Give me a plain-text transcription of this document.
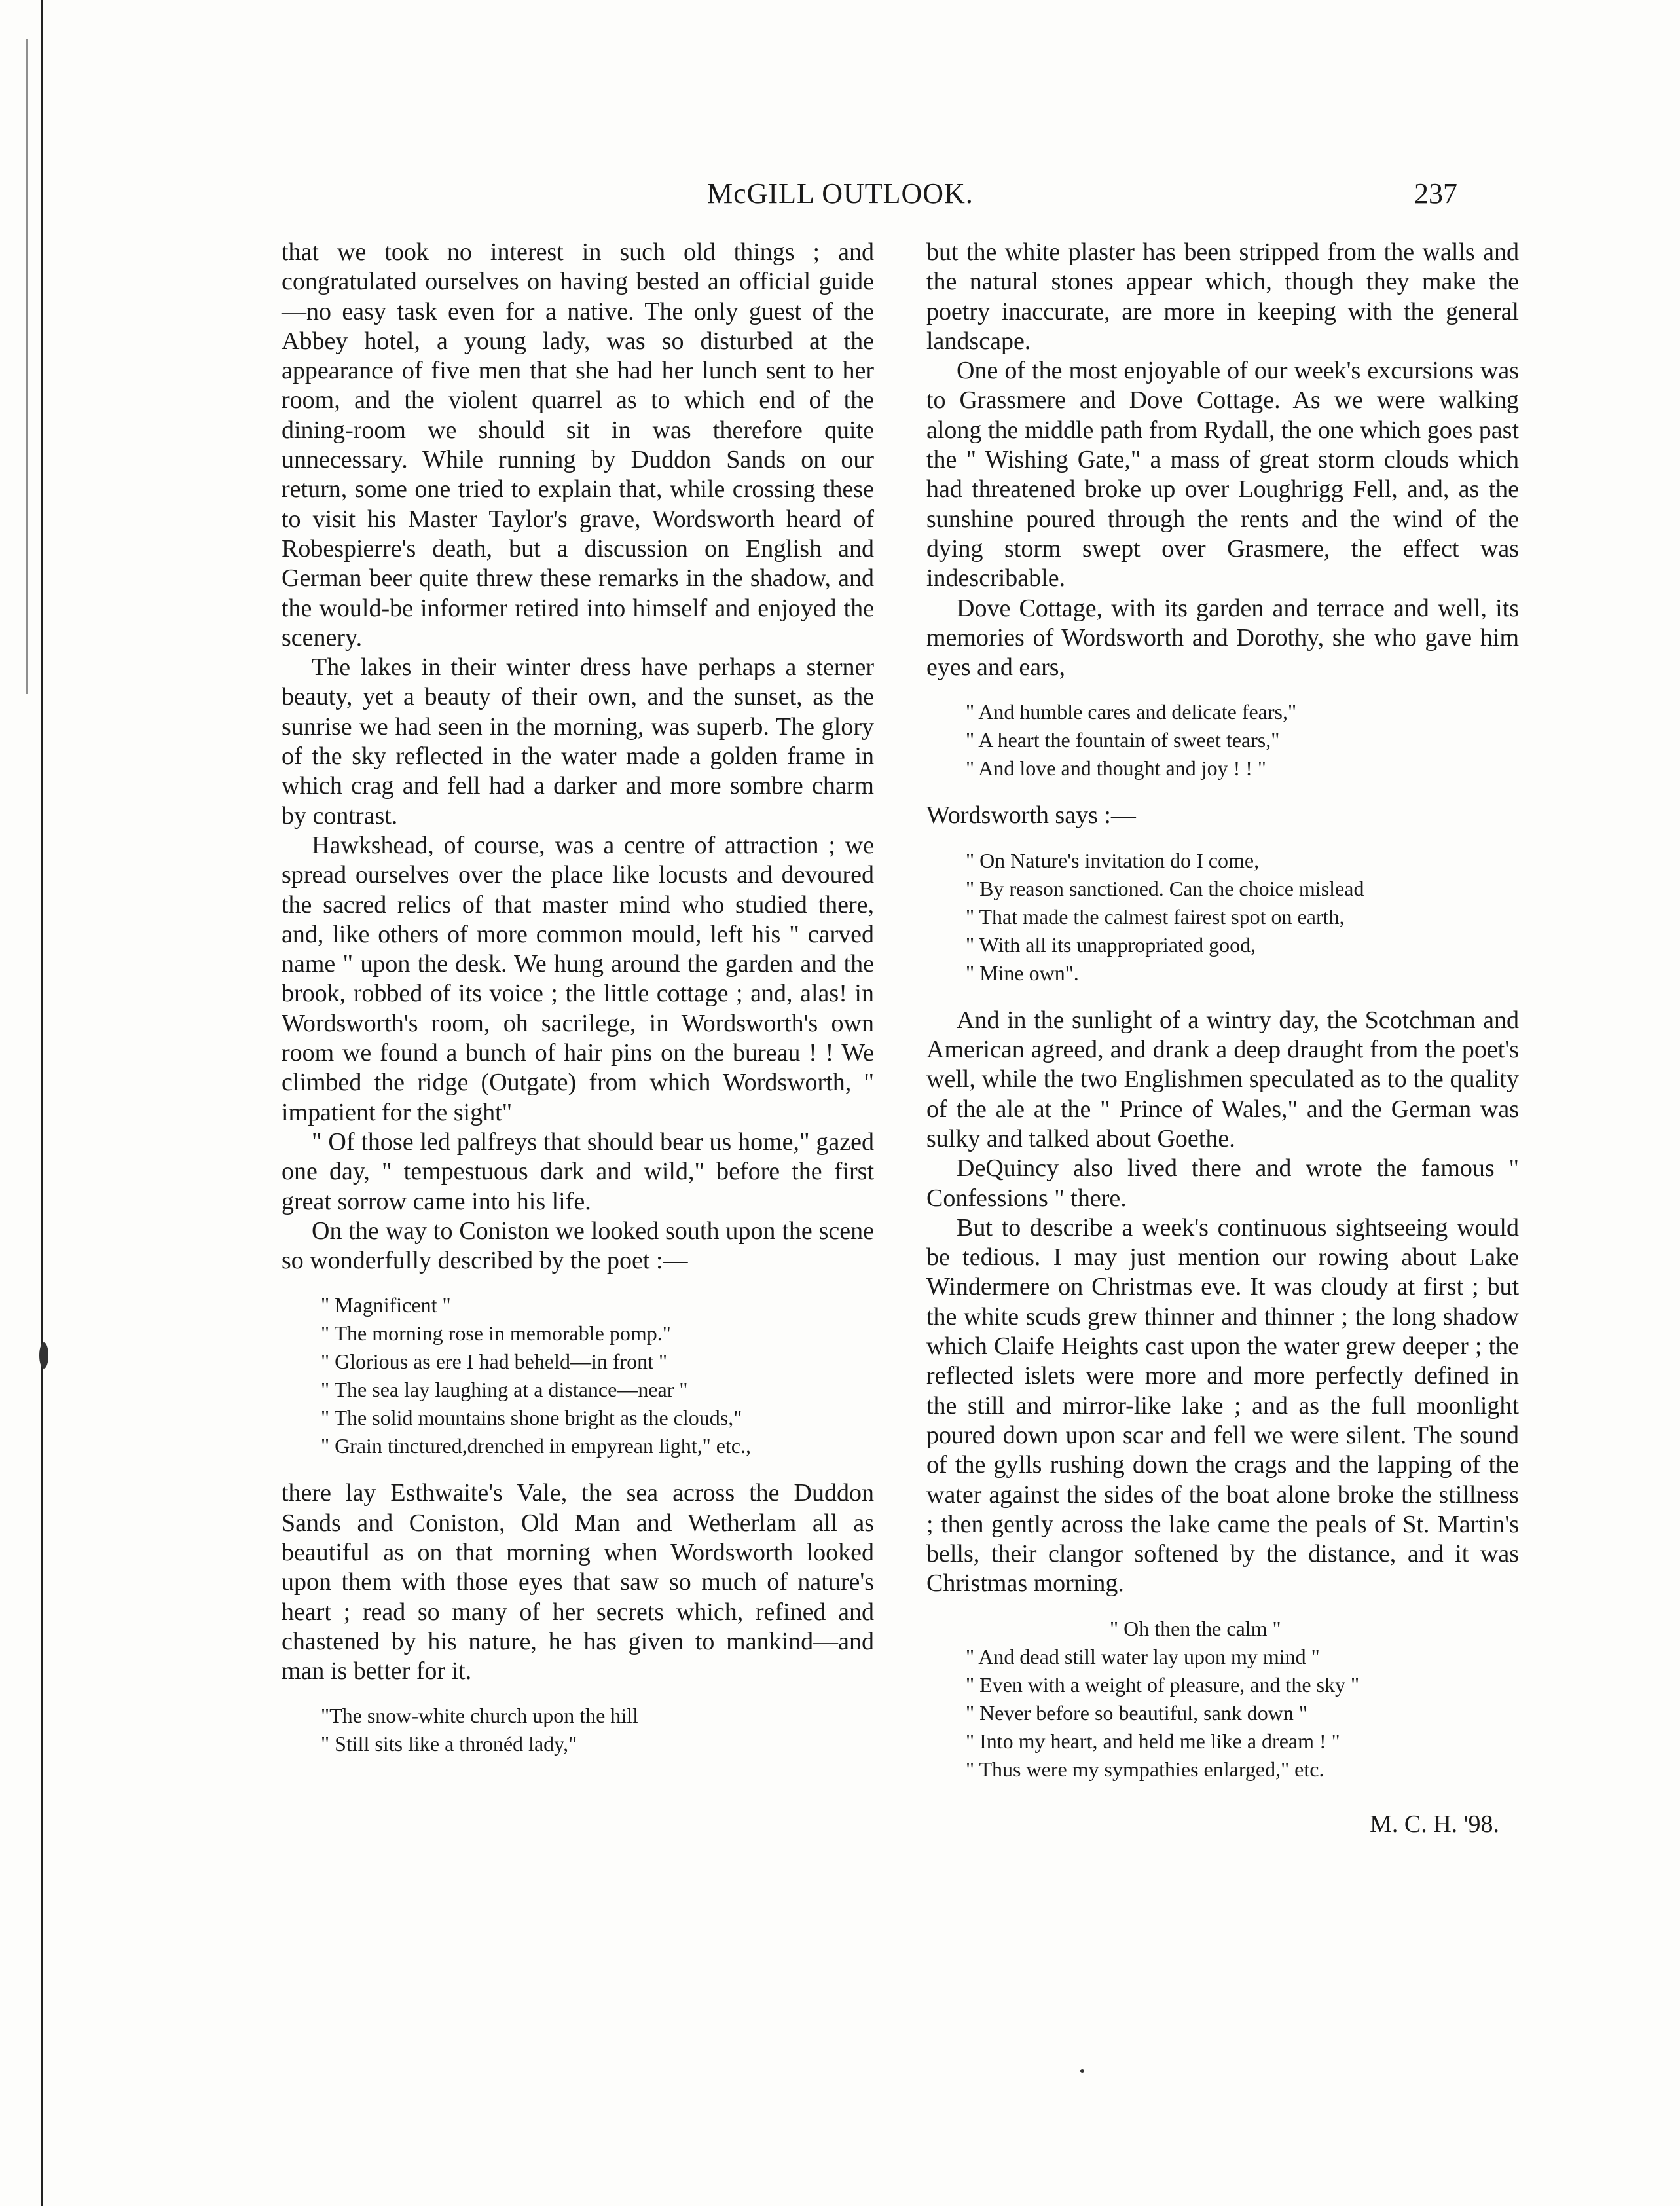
McGILL OUTLOOK.	237

that we took no interest in such old things ; and congratulated ourselves on having bested an official guide—no easy task even for a native. The only guest of the Abbey hotel, a young lady, was so disturbed at the appearance of five men that she had her lunch sent to her room, and the violent quarrel as to which end of the dining-room we should sit in was therefore quite unnecessary. While running by Duddon Sands on our return, some one tried to explain that, while crossing these to visit his Master Taylor's grave, Wordsworth heard of Robespierre's death, but a discussion on English and German beer quite threw these remarks in the shadow, and the would-be informer retired into himself and enjoyed the scenery.

The lakes in their winter dress have perhaps a sterner beauty, yet a beauty of their own, and the sunset, as the sunrise we had seen in the morning, was superb. The glory of the sky reflected in the water made a golden frame in which crag and fell had a darker and more sombre charm by contrast.

Hawkshead, of course, was a centre of attraction ; we spread ourselves over the place like locusts and devoured the sacred relics of that master mind who studied there, and, like others of more common mould, left his " carved name " upon the desk. We hung around the garden and the brook, robbed of its voice ; the little cottage ; and, alas! in Wordsworth's room, oh sacrilege, in Wordsworth's own room we found a bunch of hair pins on the bureau ! ! We climbed the ridge (Outgate) from which Wordsworth, " impatient for the sight"

" Of those led palfreys that should bear us home," gazed one day, " tempestuous dark and wild," before the first great sorrow came into his life.

On the way to Coniston we looked south upon the scene so wonderfully described by the poet :—

" Magnificent "
" The morning rose in memorable pomp."
" Glorious as ere I had beheld—in front "
" The sea lay laughing at a distance—near "
" The solid mountains shone bright as the clouds,"
" Grain tinctured,drenched in empyrean light," etc.,

there lay Esthwaite's Vale, the sea across the Duddon Sands and Coniston, Old Man and Wetherlam all as beautiful as on that morning when Wordsworth looked upon them with those eyes that saw so much of nature's heart ; read so many of her secrets which, refined and chastened by his nature, he has given to mankind—and man is better for it.

"The snow-white church upon the hill
" Still sits like a thronéd lady,"

but the white plaster has been stripped from the walls and the natural stones appear which, though they make the poetry inaccurate, are more in keeping with the general landscape.

One of the most enjoyable of our week's excursions was to Grassmere and Dove Cottage. As we were walking along the middle path from Rydall, the one which goes past the " Wishing Gate," a mass of great storm clouds which had threatened broke up over Loughrigg Fell, and, as the sunshine poured through the rents and the wind of the dying storm swept over Grasmere, the effect was indescribable.

Dove Cottage, with its garden and terrace and well, its memories of Wordsworth and Dorothy, she who gave him eyes and ears,

" And humble cares and delicate fears,"
" A heart the fountain of sweet tears,"
" And love and thought and joy ! ! "

Wordsworth says :—

" On Nature's invitation do I come,
" By reason sanctioned. Can the choice mislead
" That made the calmest fairest spot on earth,
" With all its unappropriated good,
" Mine own".

And in the sunlight of a wintry day, the Scotchman and American agreed, and drank a deep draught from the poet's well, while the two Englishmen speculated as to the quality of the ale at the " Prince of Wales," and the German was sulky and talked about Goethe.

DeQuincy also lived there and wrote the famous " Confessions " there.

But to describe a week's continuous sightseeing would be tedious. I may just mention our rowing about Lake Windermere on Christmas eve. It was cloudy at first ; but the white scuds grew thinner and thinner ; the long shadow which Claife Heights cast upon the water grew deeper ; the reflected islets were more and more perfectly defined in the still and mirror-like lake ; and as the full moonlight poured down upon scar and fell we were silent. The sound of the gylls rushing down the crags and the lapping of the water against the sides of the boat alone broke the stillness ; then gently across the lake came the peals of St. Martin's bells, their clangor softened by the distance, and it was Christmas morning.

" Oh then the calm "
" And dead still water lay upon my mind "
" Even with a weight of pleasure, and the sky "
" Never before so beautiful, sank down "
" Into my heart, and held me like a dream ! "
" Thus were my sympathies enlarged," etc.
M. C. H. '98.
